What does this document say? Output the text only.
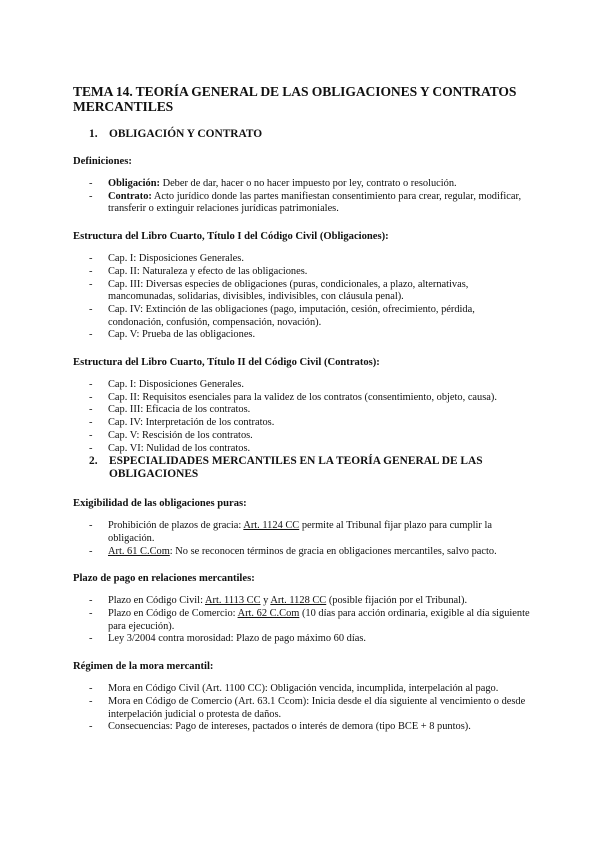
TEMA 14. TEORÍA GENERAL DE LAS OBLIGACIONES Y CONTRATOS MERCANTILES
1.	OBLIGACIÓN Y CONTRATO
Definiciones:
- Obligación: Deber de dar, hacer o no hacer impuesto por ley, contrato o resolución.
- Contrato: Acto jurídico donde las partes manifiestan consentimiento para crear, regular, modificar, transferir o extinguir relaciones jurídicas patrimoniales.
Estructura del Libro Cuarto, Título I del Código Civil (Obligaciones):
- Cap. I: Disposiciones Generales.
- Cap. II: Naturaleza y efecto de las obligaciones.
- Cap. III: Diversas especies de obligaciones (puras, condicionales, a plazo, alternativas, mancomunadas, solidarias, divisibles, indivisibles, con cláusula penal).
- Cap. IV: Extinción de las obligaciones (pago, imputación, cesión, ofrecimiento, pérdida, condonación, confusión, compensación, novación).
- Cap. V: Prueba de las obligaciones.
Estructura del Libro Cuarto, Título II del Código Civil (Contratos):
- Cap. I: Disposiciones Generales.
- Cap. II: Requisitos esenciales para la validez de los contratos (consentimiento, objeto, causa).
- Cap. III: Eficacia de los contratos.
- Cap. IV: Interpretación de los contratos.
- Cap. V: Rescisión de los contratos.
- Cap. VI: Nulidad de los contratos.
2.	ESPECIALIDADES MERCANTILES EN LA TEORÍA GENERAL DE LAS OBLIGACIONES
Exigibilidad de las obligaciones puras:
- Prohibición de plazos de gracia: Art. 1124 CC permite al Tribunal fijar plazo para cumplir la obligación.
- Art. 61 C.Com: No se reconocen términos de gracia en obligaciones mercantiles, salvo pacto.
Plazo de pago en relaciones mercantiles:
- Plazo en Código Civil: Art. 1113 CC y Art. 1128 CC (posible fijación por el Tribunal).
- Plazo en Código de Comercio: Art. 62 C.Com (10 días para acción ordinaria, exigible al día siguiente para ejecución).
- Ley 3/2004 contra morosidad: Plazo de pago máximo 60 días.
Régimen de la mora mercantil:
- Mora en Código Civil (Art. 1100 CC): Obligación vencida, incumplida, interpelación al pago.
- Mora en Código de Comercio (Art. 63.1 Ccom): Inicia desde el día siguiente al vencimiento o desde interpelación judicial o protesta de daños.
- Consecuencias: Pago de intereses, pactados o interés de demora (tipo BCE + 8 puntos).
